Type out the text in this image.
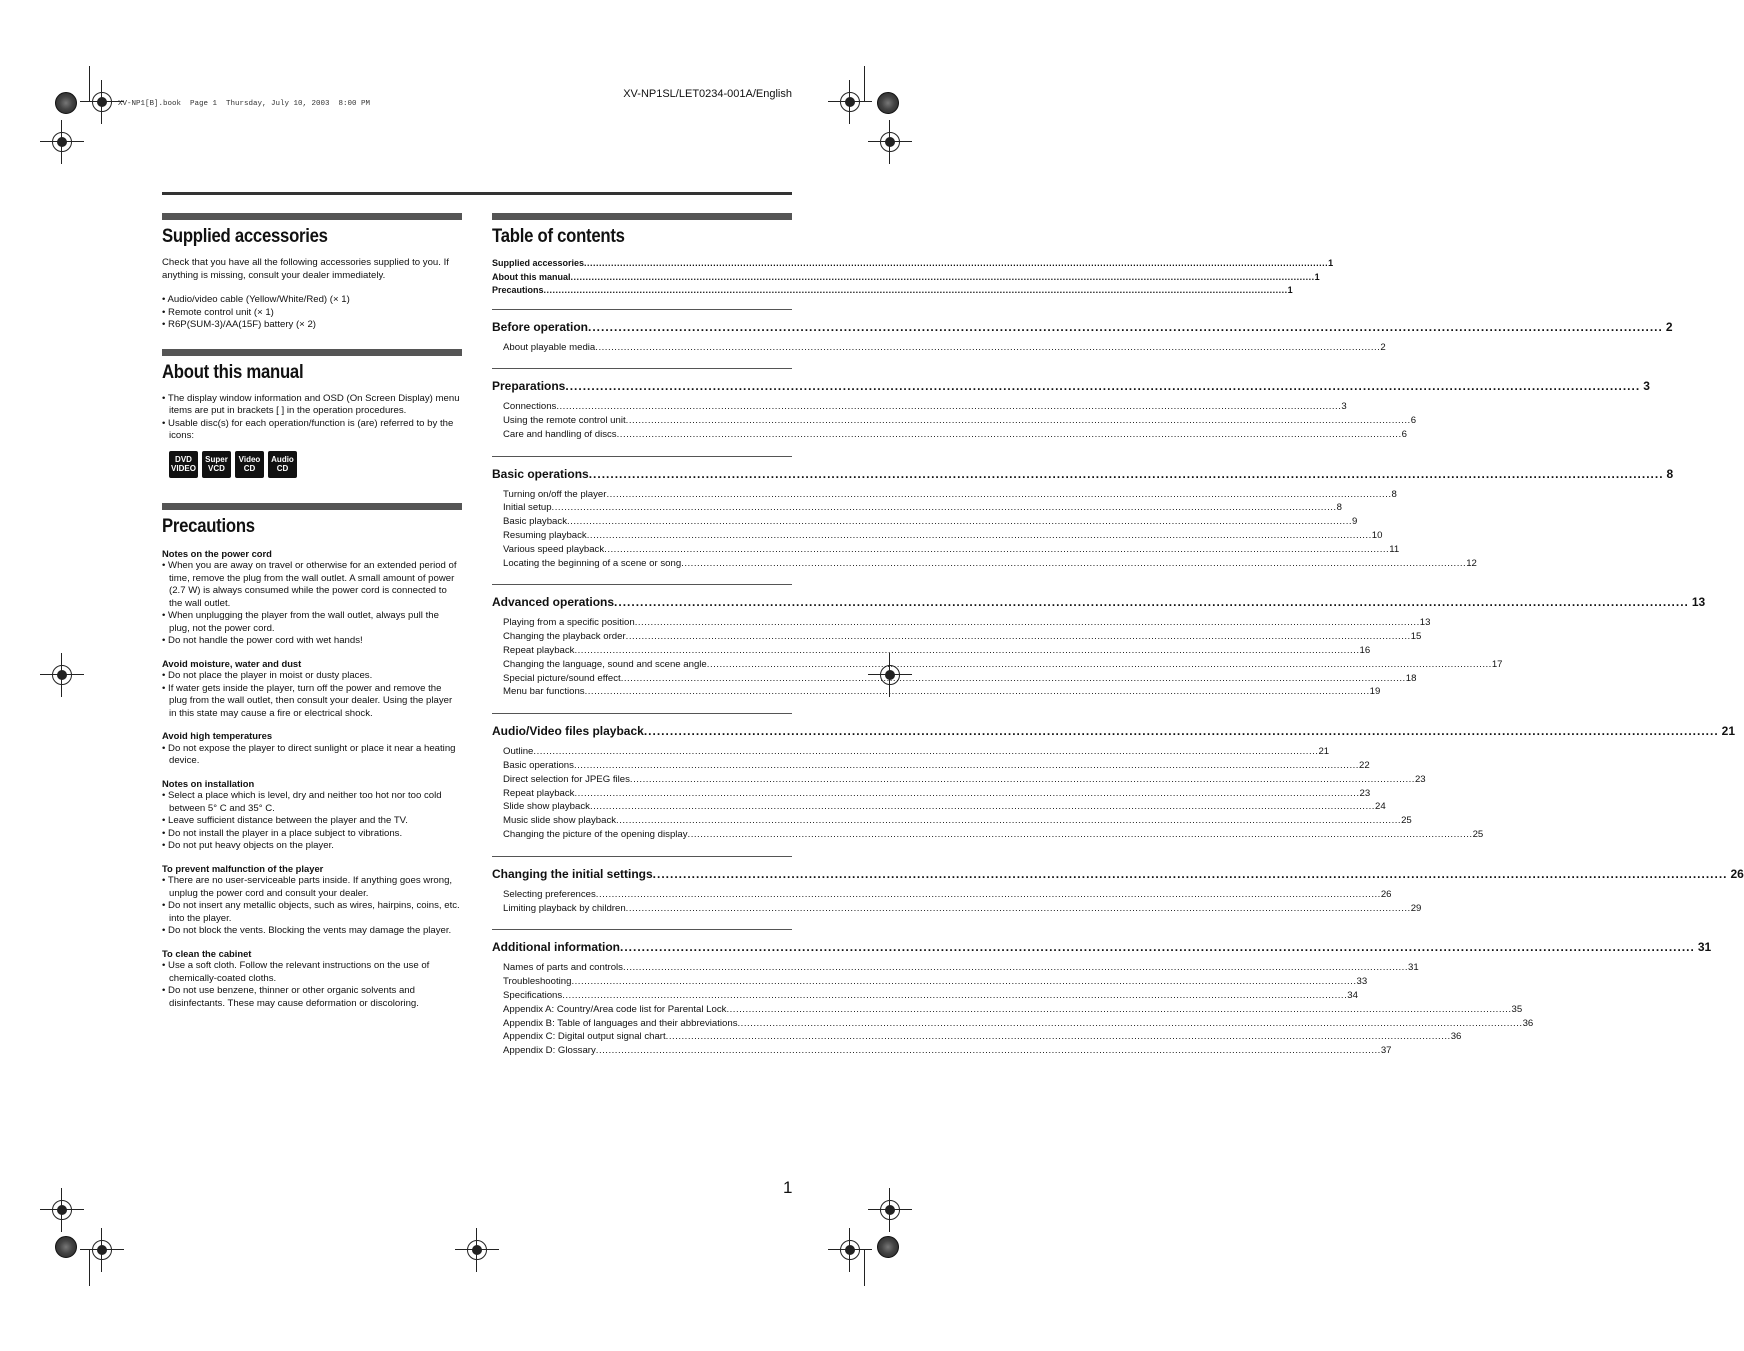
XV-NP1[B].book  Page 1  Thursday, July 10, 2003  8:00 PM
XV-NP1SL/LET0234-001A/English
Supplied accessories
Check that you have all the following accessories supplied to you. If anything is missing, consult your dealer immediately.
• Audio/video cable (Yellow/White/Red) (× 1)
• Remote control unit (× 1)
• R6P(SUM-3)/AA(15F) battery (× 2)
About this manual
• The display window information and OSD (On Screen Display) menu items are put in brackets [ ] in the operation procedures.
• Usable disc(s) for each operation/function is (are) referred to by the icons:
DVD
VIDEO
Super
VCD
Video
CD
Audio
CD
Precautions
Notes on the power cord
• When you are away on travel or otherwise for an extended period of time, remove the plug from the wall outlet. A small amount of power (2.7 W) is always consumed while the power cord is connected to the wall outlet.
• When unplugging the player from the wall outlet, always pull the plug, not the power cord.
• Do not handle the power cord with wet hands!
Avoid moisture, water and dust
• Do not place the player in moist or dusty places.
• If water gets inside the player, turn off the power and remove the plug from the wall outlet, then consult your dealer. Using the player in this state may cause a fire or electrical shock.
Avoid high temperatures
• Do not expose the player to direct sunlight or place it near a heating device.
Notes on installation
• Select a place which is level, dry and neither too hot nor too cold between 5° C and 35° C.
• Leave sufficient distance between the player and the TV.
• Do not install the player in a place subject to vibrations.
• Do not put heavy objects on the player.
To prevent malfunction of the player
• There are no user-serviceable parts inside. If anything goes wrong, unplug the power cord and consult your dealer.
• Do not insert any metallic objects, such as wires, hairpins, coins, etc. into the player.
• Do not block the vents. Blocking the vents may damage the player.
To clean the cabinet
• Use a soft cloth. Follow the relevant instructions on the use of chemically-coated cloths.
• Do not use benzene, thinner or other organic solvents and disinfectants. These may cause deformation or discoloring.
Table of contents
Supplied accessories .....	1
About this manual .....	1
Precautions .....	1
Before operation .....	2
About playable media .....	2
Preparations .....	3
Connections .....	3
Using the remote control unit .....	6
Care and handling of discs .....	6
Basic operations .....	8
Turning on/off the player .....	8
Initial setup .....	8
Basic playback .....	9
Resuming playback .....	10
Various speed playback .....	11
Locating the beginning of a scene or song .....	12
Advanced operations .....	13
Playing from a specific position .....	13
Changing the playback order .....	15
Repeat playback .....	16
Changing the language, sound and scene angle .....	17
Special picture/sound effect .....	18
Menu bar functions .....	19
Audio/Video files playback .....	21
Outline .....	21
Basic operations .....	22
Direct selection for JPEG files .....	23
Repeat playback .....	23
Slide show playback .....	24
Music slide show playback .....	25
Changing the picture of the opening display .....	25
Changing the initial settings .....	26
Selecting preferences .....	26
Limiting playback by children .....	29
Additional information .....	31
Names of parts and controls .....	31
Troubleshooting .....	33
Specifications .....	34
Appendix A: Country/Area code list for Parental Lock .....	35
Appendix B: Table of languages and their abbreviations .....	36
Appendix C: Digital output signal chart .....	36
Appendix D: Glossary .....	37
1
